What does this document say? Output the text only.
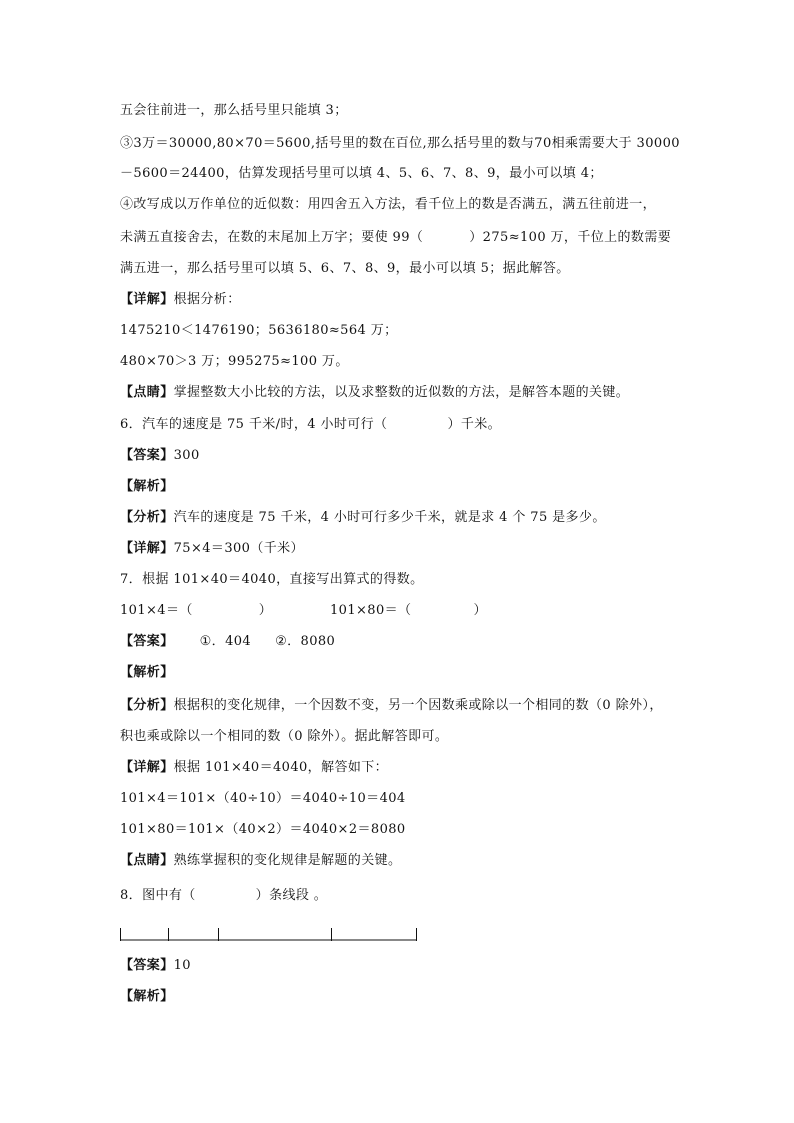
五会往前进一，那么括号里只能填 3；
③3万＝30000,80×70＝5600,括号里的数在百位,那么括号里的数与70相乘需要大于 30000
－5600＝24400，估算发现括号里可以填 4、5、6、7、8、9，最小可以填 4；
④改写成以万作单位的近似数：用四舍五入方法，看千位上的数是否满五，满五往前进一，
未满五直接舍去，在数的末尾加上万字；要使 99（	）275≈100 万，千位上的数需要
满五进一，那么括号里可以填 5、6、7、8、9，最小可以填 5；据此解答。
【详解】根据分析：
1475210＜1476190；5636180≈564 万；
480×70＞3 万；995275≈100 万。
【点睛】掌握整数大小比较的方法，以及求整数的近似数的方法，是解答本题的关键。
6．汽车的速度是 75 千米/时，4 小时可行（	）千米。
【答案】300
【解析】
【分析】汽车的速度是 75 千米，4 小时可行多少千米，就是求 4 个 75 是多少。
【详解】75×4＝300（千米）
7．根据 101×40＝4040，直接写出算式的得数。
101×4＝（	）	101×80＝（	）
【答案】 ①．404 ②．8080
【解析】
【分析】根据积的变化规律，一个因数不变，另一个因数乘或除以一个相同的数（0 除外），
积也乘或除以一个相同的数（0 除外）。据此解答即可。
【详解】根据 101×40＝4040，解答如下：
101×4＝101×（40÷10）＝4040÷10＝404
101×80＝101×（40×2）＝4040×2＝8080
【点睛】熟练掌握积的变化规律是解题的关键。
8．图中有（	）条线段 。
【答案】10
【解析】
